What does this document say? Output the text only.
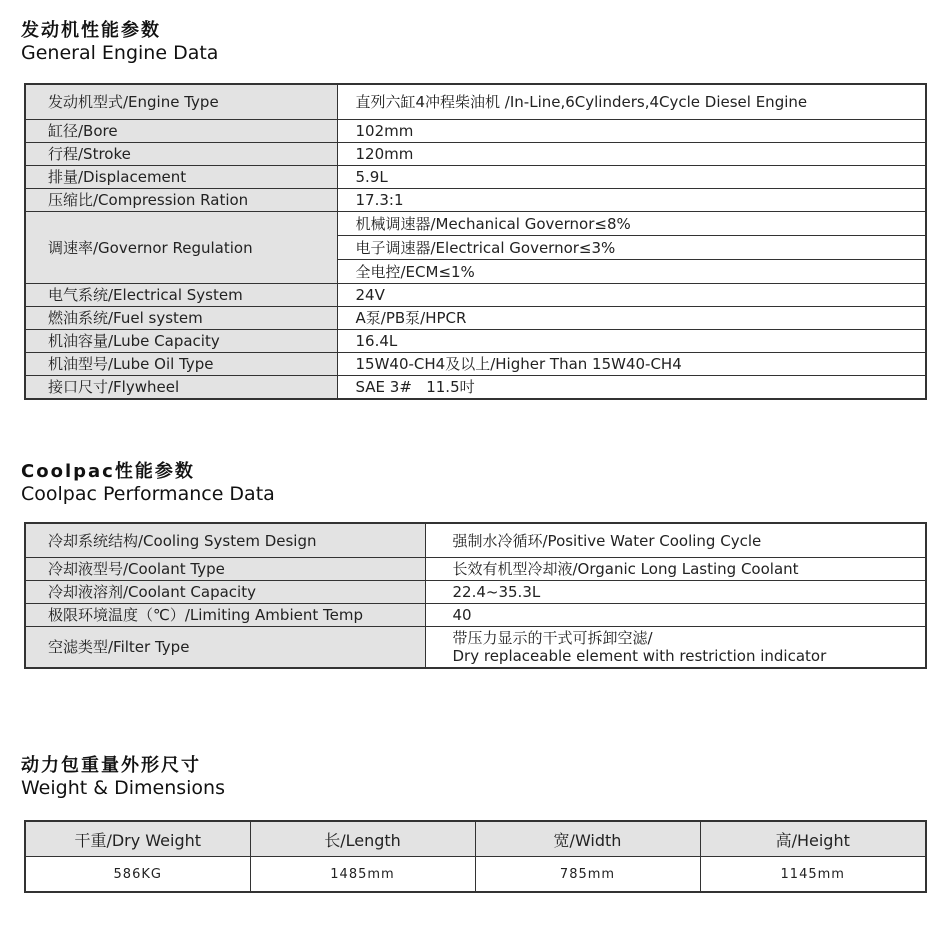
发动机性能参数
General Engine Data
发动机型式/Engine Type	直列六缸4冲程柴油机 /In-Line,6Cylinders,4Cycle Diesel Engine
缸径/Bore	102mm
行程/Stroke	120mm
排量/Displacement	5.9L
压缩比/Compression Ration	17.3:1
调速率/Governor Regulation	机械调速器/Mechanical Governor≤8%
	电子调速器/Electrical Governor≤3%
	全电控/ECM≤1%
电气系统/Electrical System	24V
燃油系统/Fuel system	A泵/PB泵/HPCR
机油容量/Lube Capacity	16.4L
机油型号/Lube Oil Type	15W40-CH4及以上/Higher Than 15W40-CH4
接口尺寸/Flywheel	SAE 3#   11.5吋
Coolpac性能参数
Coolpac Performance Data
冷却系统结构/Cooling System Design	强制水冷循环/Positive Water Cooling Cycle
冷却液型号/Coolant Type	长效有机型冷却液/Organic Long Lasting Coolant
冷却液溶剂/Coolant Capacity	22.4~35.3L
极限环境温度（℃）/Limiting Ambient Temp	40
空滤类型/Filter Type	带压力显示的干式可拆卸空滤/
Dry replaceable element with restriction indicator
动力包重量外形尺寸
Weight & Dimensions
干重/Dry Weight	长/Length	宽/Width	高/Height
586KG	1485mm	785mm	1145mm
